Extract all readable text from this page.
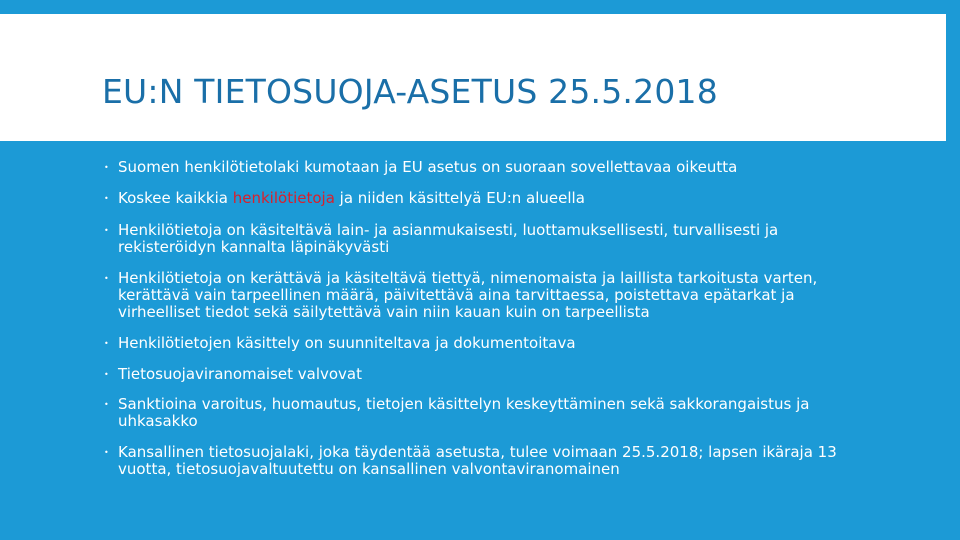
EU:N TIETOSUOJA-ASETUS 25.5.2018
• Suomen henkilötietolaki kumotaan ja EU asetus on suoraan sovellettavaa oikeutta
• Koskee kaikkia henkilötietoja ja niiden käsittelyä EU:n alueella
• Henkilötietoja on käsiteltävä lain- ja asianmukaisesti, luottamuksellisesti, turvallisesti ja rekisteröidyn kannalta läpinäkyvästi
• Henkilötietoja on kerättävä ja käsiteltävä tiettyä, nimenomaista ja laillista tarkoitusta varten, kerättävä vain tarpeellinen määrä, päivitettävä aina tarvittaessa, poistettava epätarkat ja virheelliset tiedot sekä säilytettävä vain niin kauan kuin on tarpeellista
• Henkilötietojen käsittely on suunniteltava ja dokumentoitava
• Tietosuojaviranomaiset valvovat
• Sanktioina varoitus, huomautus, tietojen käsittelyn keskeyttäminen sekä sakkorangaistus ja uhkasakko
• Kansallinen tietosuojalaki, joka täydentää asetusta, tulee voimaan 25.5.2018; lapsen ikäraja 13 vuotta, tietosuojavaltuutettu on kansallinen valvontaviranomainen
